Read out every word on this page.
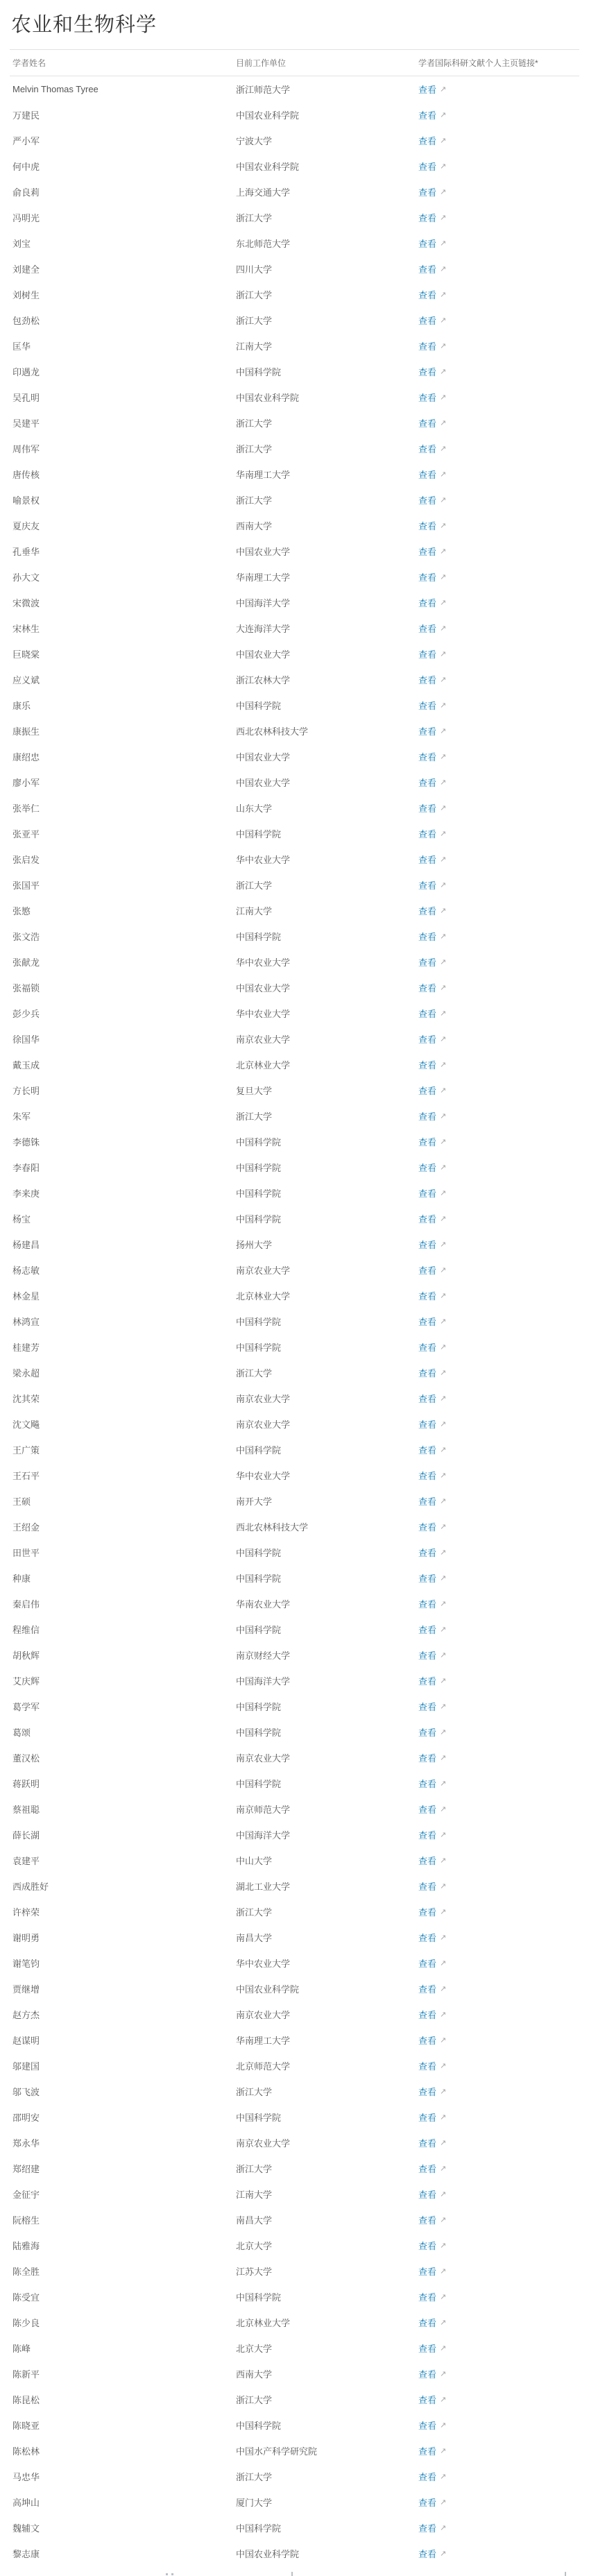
农业和生物科学
学者姓名	目前工作单位	学者国际科研文献个人主页链接*
Melvin Thomas Tyree	浙江师范大学	查看 ↗
万建民	中国农业科学院	查看 ↗
严小军	宁波大学	查看 ↗
何中虎	中国农业科学院	查看 ↗
俞良莉	上海交通大学	查看 ↗
冯明光	浙江大学	查看 ↗
刘宝	东北师范大学	查看 ↗
刘建全	四川大学	查看 ↗
刘树生	浙江大学	查看 ↗
包劲松	浙江大学	查看 ↗
匡华	江南大学	查看 ↗
印遇龙	中国科学院	查看 ↗
吴孔明	中国农业科学院	查看 ↗
吴建平	浙江大学	查看 ↗
周伟军	浙江大学	查看 ↗
唐传核	华南理工大学	查看 ↗
喻景权	浙江大学	查看 ↗
夏庆友	西南大学	查看 ↗
孔垂华	中国农业大学	查看 ↗
孙大文	华南理工大学	查看 ↗
宋微波	中国海洋大学	查看 ↗
宋林生	大连海洋大学	查看 ↗
巨晓棠	中国农业大学	查看 ↗
应义斌	浙江农林大学	查看 ↗
康乐	中国科学院	查看 ↗
康振生	西北农林科技大学	查看 ↗
康绍忠	中国农业大学	查看 ↗
廖小军	中国农业大学	查看 ↗
张举仁	山东大学	查看 ↗
张亚平	中国科学院	查看 ↗
张启发	华中农业大学	查看 ↗
张国平	浙江大学	查看 ↗
张慜	江南大学	查看 ↗
张文浩	中国科学院	查看 ↗
张献龙	华中农业大学	查看 ↗
张福锁	中国农业大学	查看 ↗
彭少兵	华中农业大学	查看 ↗
徐国华	南京农业大学	查看 ↗
戴玉成	北京林业大学	查看 ↗
方长明	复旦大学	查看 ↗
朱军	浙江大学	查看 ↗
李德铢	中国科学院	查看 ↗
李春阳	中国科学院	查看 ↗
李来庚	中国科学院	查看 ↗
杨宝	中国科学院	查看 ↗
杨建昌	扬州大学	查看 ↗
杨志敏	南京农业大学	查看 ↗
林金星	北京林业大学	查看 ↗
林鸿宣	中国科学院	查看 ↗
桂建芳	中国科学院	查看 ↗
梁永超	浙江大学	查看 ↗
沈其荣	南京农业大学	查看 ↗
沈文飚	南京农业大学	查看 ↗
王广策	中国科学院	查看 ↗
王石平	华中农业大学	查看 ↗
王硕	南开大学	查看 ↗
王绍金	西北农林科技大学	查看 ↗
田世平	中国科学院	查看 ↗
种康	中国科学院	查看 ↗
秦启伟	华南农业大学	查看 ↗
程维信	中国科学院	查看 ↗
胡秋辉	南京财经大学	查看 ↗
艾庆辉	中国海洋大学	查看 ↗
葛学军	中国科学院	查看 ↗
葛颂	中国科学院	查看 ↗
董汉松	南京农业大学	查看 ↗
蒋跃明	中国科学院	查看 ↗
蔡祖聪	南京师范大学	查看 ↗
薛长湖	中国海洋大学	查看 ↗
袁建平	中山大学	查看 ↗
西成胜好	湖北工业大学	查看 ↗
许梓荣	浙江大学	查看 ↗
谢明勇	南昌大学	查看 ↗
谢笔钧	华中农业大学	查看 ↗
贾继增	中国农业科学院	查看 ↗
赵方杰	南京农业大学	查看 ↗
赵谋明	华南理工大学	查看 ↗
邬建国	北京师范大学	查看 ↗
邬飞波	浙江大学	查看 ↗
邵明安	中国科学院	查看 ↗
郑永华	南京农业大学	查看 ↗
郑绍建	浙江大学	查看 ↗
金征宇	江南大学	查看 ↗
阮榕生	南昌大学	查看 ↗
陆雅海	北京大学	查看 ↗
陈全胜	江苏大学	查看 ↗
陈受宜	中国科学院	查看 ↗
陈少良	北京林业大学	查看 ↗
陈峰	北京大学	查看 ↗
陈新平	西南大学	查看 ↗
陈昆松	浙江大学	查看 ↗
陈晓亚	中国科学院	查看 ↗
陈松林	中国水产科学研究院	查看 ↗
马忠华	浙江大学	查看 ↗
高坤山	厦门大学	查看 ↗
魏辅文	中国科学院	查看 ↗
黎志康	中国农业科学院	查看 ↗
